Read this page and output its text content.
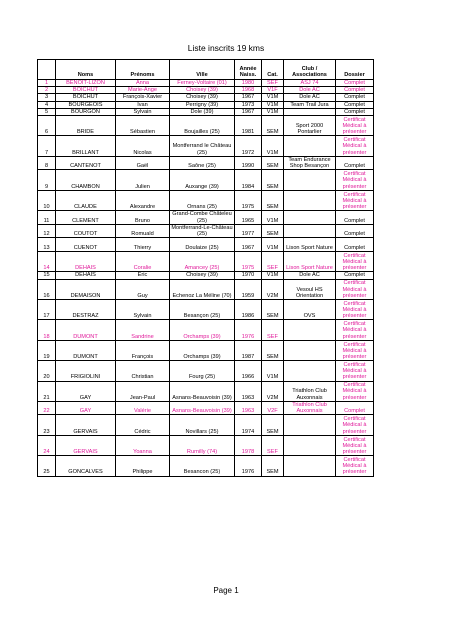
Liste inscrits 19 kms
	Noms	Prénoms	Ville	Année Naiss.	Cat.	Club / Associations	Dossier
1	BENOIT-LIZON	Anna	Ferney-Voltaire (01)	1980	SEF	ASJ 74	Complet
2	BOICHUT	Marie-Ange	Choisey (39)	1968	V1F	Dole AC	Complet
3	BOICHUT	François-Xavier	Choisey (39)	1967	V1M	Dole AC	Complet
4	BOURGEOIS	Ivan	Perrigny (39)	1973	V1M	Team Trail Jura	Complet
5	BOURGON	Sylvain	Dole (39)	1967	V1M		Complet
6	BRIDE	Sébastien	Boujailles (25)	1981	SEM	Sport 2000 Pontarlier	Certificat Médical à présenter
7	BRILLANT	Nicolas	Montferrand le Château (25)	1972	V1M		Certificat Médical à présenter
8	CANTENOT	Gaël	Saône (25)	1990	SEM	Team Endurance Shop Besançon	Complet
9	CHAMBON	Julien	Auxange (39)	1984	SEM		Certificat Médical à présenter
10	CLAUDE	Alexandre	Ornans (25)	1975	SEM		Certificat Médical à présenter
11	CLEMENT	Bruno	Grand-Combe Châteleu (25)	1965	V1M		Complet
12	COUTOT	Romuald	Montferrand-Le-Château (25)	1977	SEM		Complet
13	CUENOT	Thierry	Doulaize (25)	1967	V1M	Lison Sport Nature	Complet
14	DEHAIS	Coralie	Amancey (25)	1975	SEF	Lison Sport Nature	Certificat Médical à présenter
15	DEHAIS	Eric	Choisey (39)	1970	V1M	Dole AC	Complet
16	DEMAISON	Guy	Echenoz La Méline (70)	1959	V2M	Vesoul HS Orientation	Certificat Médical à présenter
17	DESTRAZ	Sylvain	Besançon (25)	1986	SEM	OVS	Certificat Médical à présenter
18	DUMONT	Sandrine	Orchamps (39)	1976	SEF		Certificat Médical à présenter
19	DUMONT	François	Orchamps (39)	1987	SEM		Certificat Médical à présenter
20	FRIGIOLINI	Christian	Fourg (25)	1966	V1M		Certificat Médical à présenter
21	GAY	Jean-Paul	Asnans-Beauvoisin (39)	1963	V2M	Triathlon Club Auxonnais	Certificat Médical à présenter
22	GAY	Valérie	Asnans-Beauvoisin (39)	1963	V2F	Triathlon Club Auxonnais	Complet
23	GERVAIS	Cédric	Novillars (25)	1974	SEM		Certificat Médical à présenter
24	GERVAIS	Yoanna	Rurnilly (74)	1978	SEF		Certificat Médical à présenter
25	GONCALVES	Philippe	Besancon (25)	1976	SEM		Certificat Médical à présenter
Page 1
